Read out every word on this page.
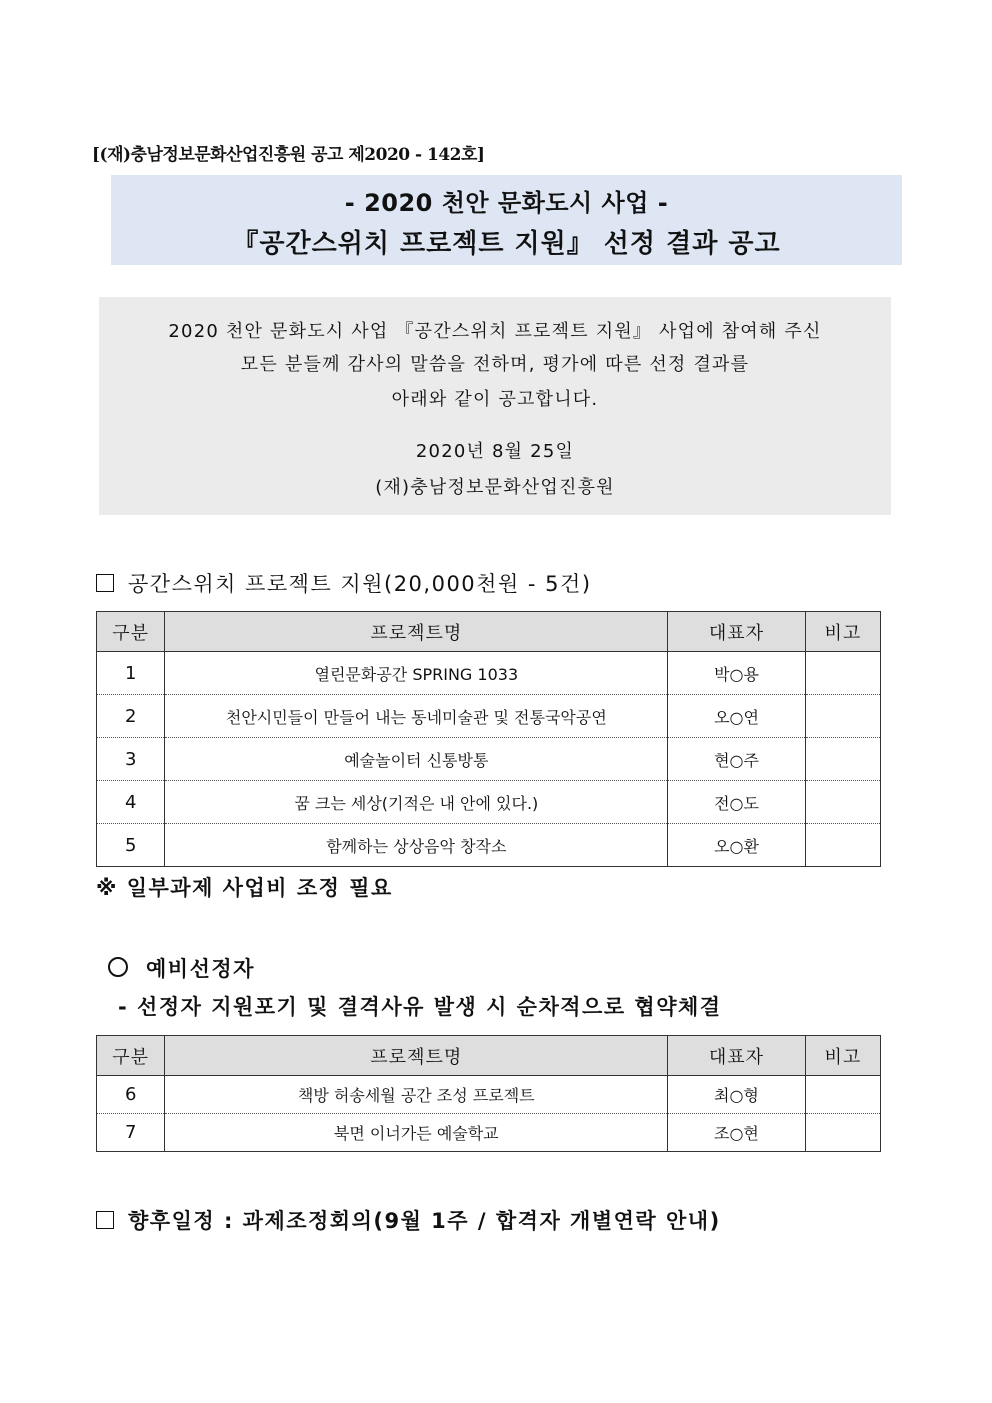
[(재)충남정보문화산업진흥원 공고 제2020 - 142호]
- 2020 천안 문화도시 사업 -
『공간스위치 프로젝트 지원』 선정 결과 공고
2020 천안 문화도시 사업 『공간스위치 프로젝트 지원』 사업에 참여해 주신
모든 분들께 감사의 말씀을 전하며, 평가에 따른 선정 결과를
아래와 같이 공고합니다.
2020년 8월 25일
(재)충남정보문화산업진흥원
공간스위치 프로젝트 지원(20,000천원 - 5건)
구분	프로젝트명	대표자	비고
1	열린문화공간 SPRING 1033	박○용	
2	천안시민들이 만들어 내는 동네미술관 및 전통국악공연	오○연	
3	예술놀이터 신통방통	현○주	
4	꿈 크는 세상(기적은 내 안에 있다.)	전○도	
5	함께하는 상상음악 창작소	오○환	
※ 일부과제 사업비 조정 필요
예비선정자
- 선정자 지원포기 및 결격사유 발생 시 순차적으로 협약체결
구분	프로젝트명	대표자	비고
6	책방 허송세월 공간 조성 프로젝트	최○형	
7	북면 이너가든 예술학교	조○현	
향후일정 : 과제조정회의(9월 1주 / 합격자 개별연락 안내)
